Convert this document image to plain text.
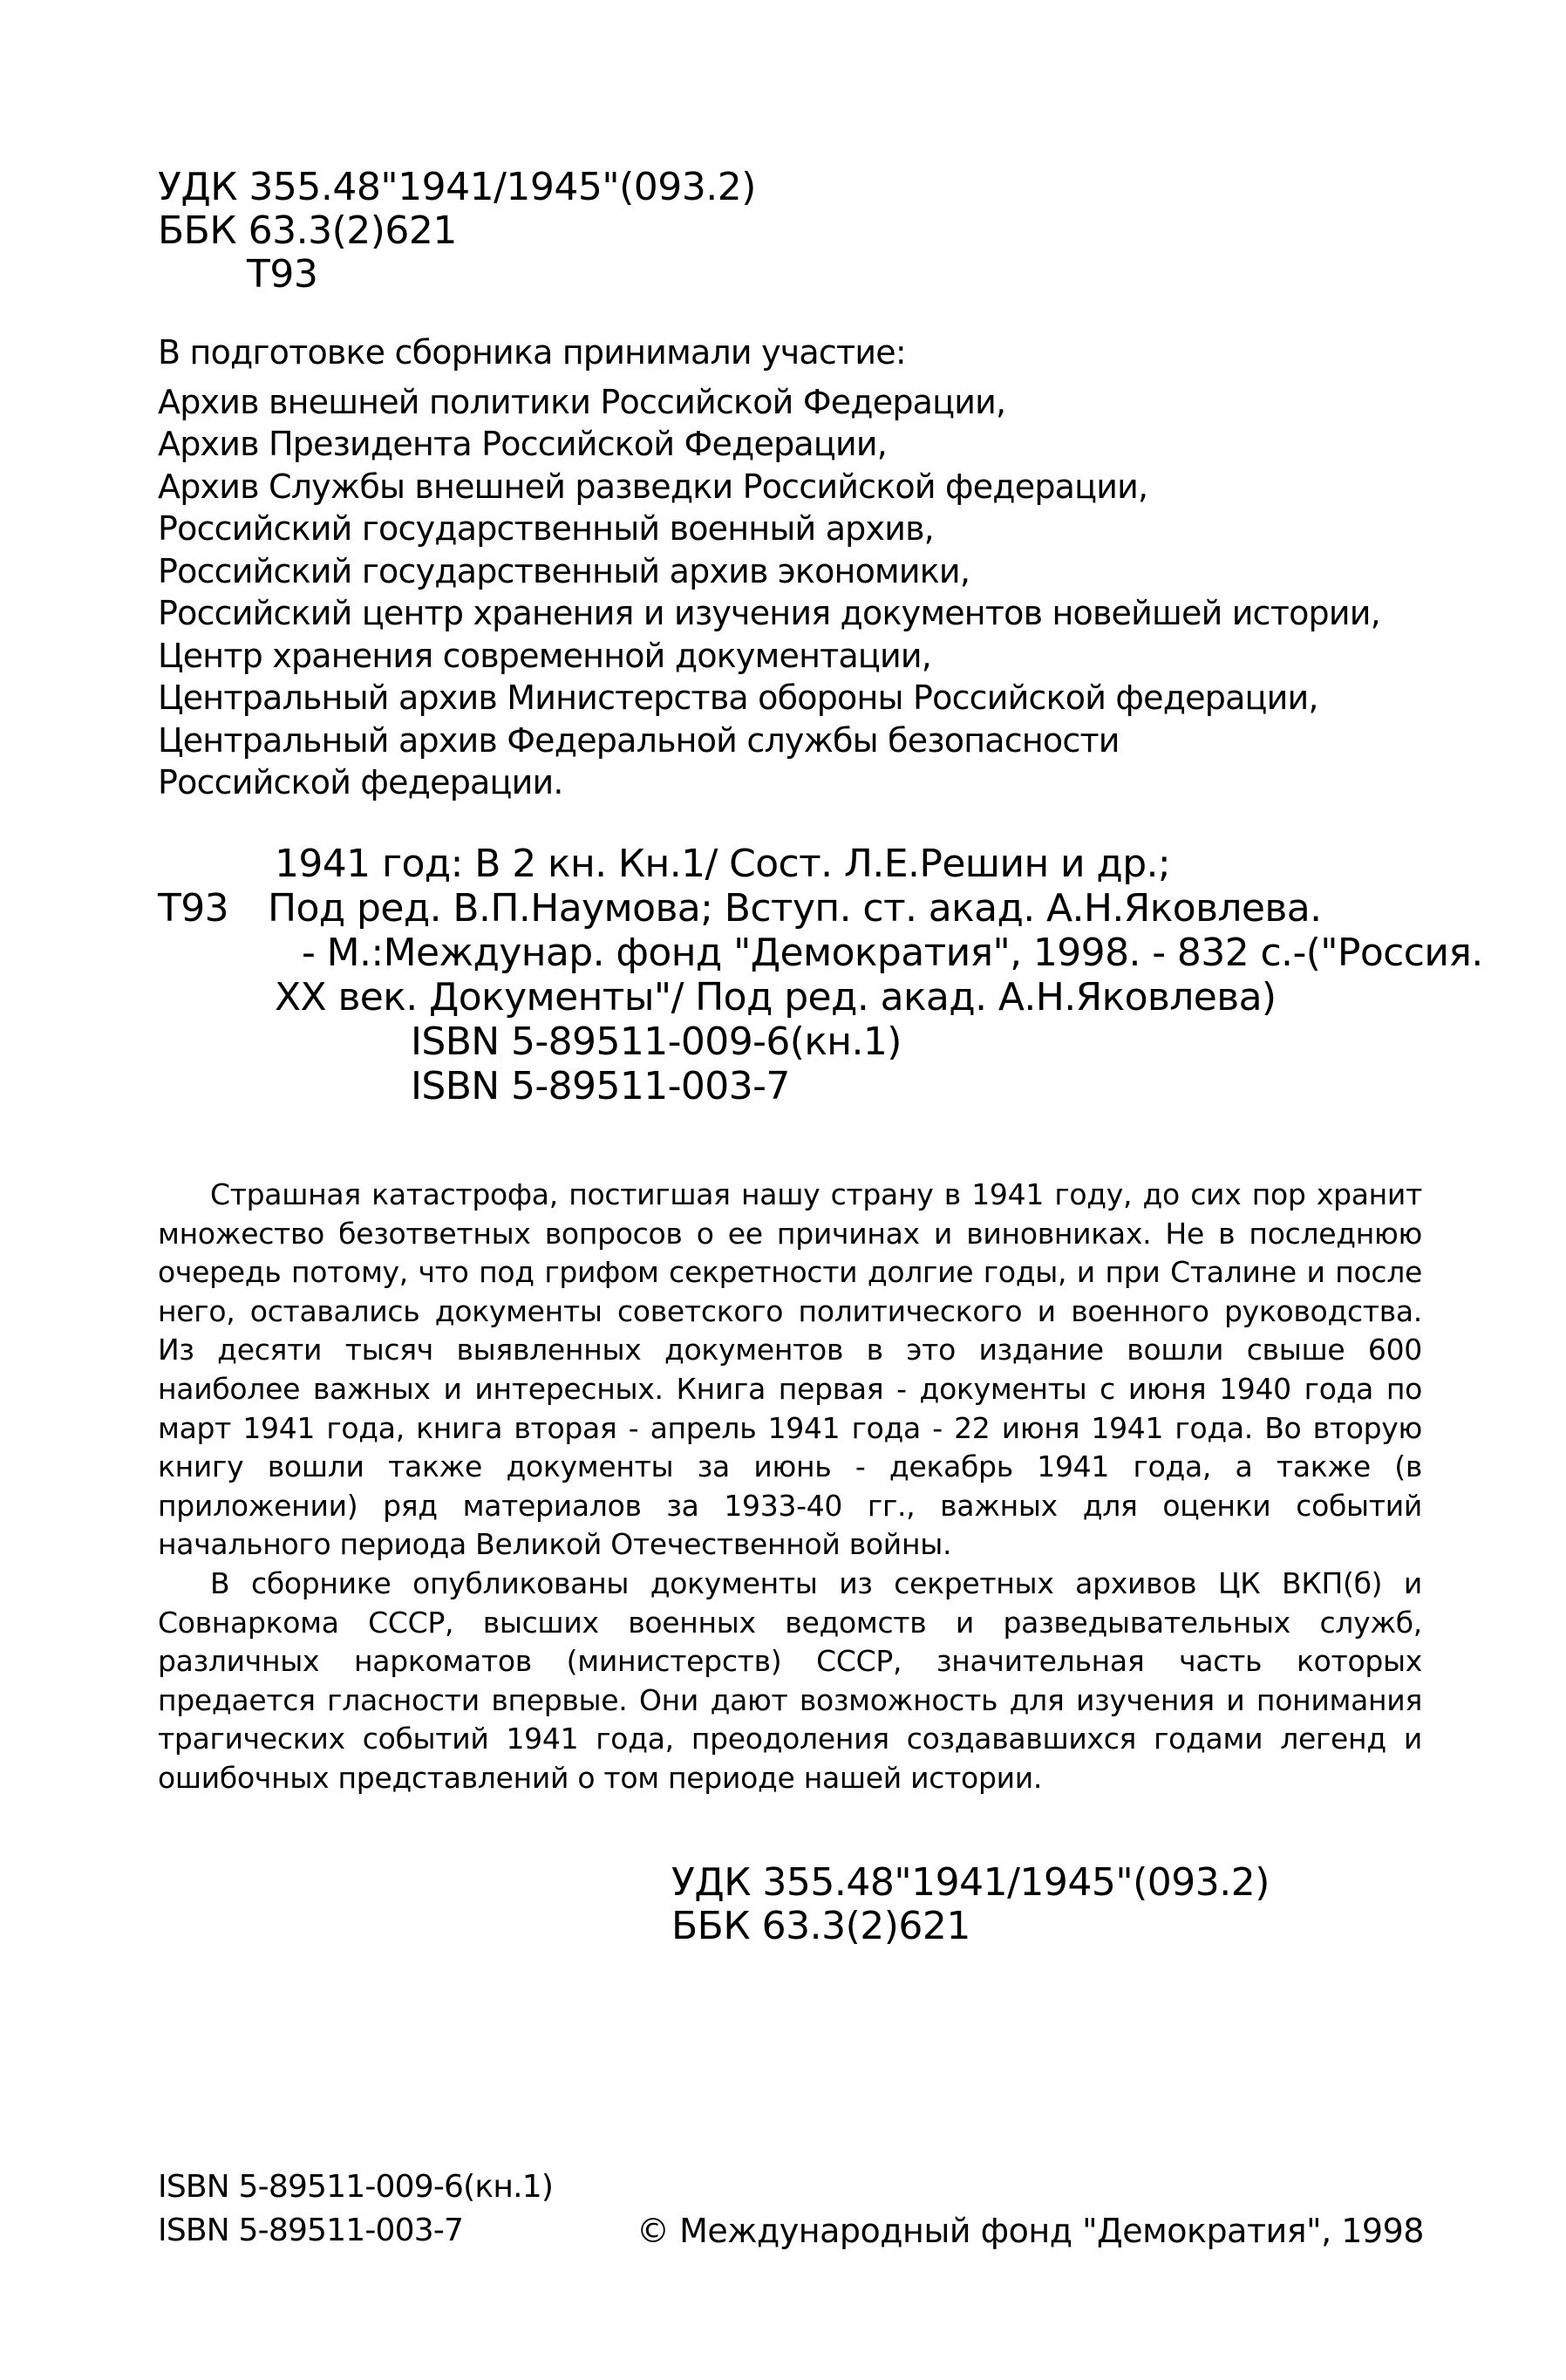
УДК 355.48"1941/1945"(093.2)
ББК 63.3(2)621
Т93
В подготовке сборника принимали участие:
Архив внешней политики Российской Федерации,
Архив Президента Российской Федерации,
Архив Службы внешней разведки Российской федерации,
Российский государственный военный архив,
Российский государственный архив экономики,
Российский центр хранения и изучения документов новейшей истории,
Центр хранения современной документации,
Центральный архив Министерства обороны Российской федерации,
Центральный архив Федеральной службы безопасности
Российской федерации.
1941 год: В 2 кн. Кн.1/ Сост. Л.Е.Решин и др.;
Т93	Под ред. В.П.Наумова; Вступ. ст. акад. А.Н.Яковлева.
- М.:Междунар. фонд "Демократия", 1998. - 832 с.-("Россия.
XX век. Документы"/ Под ред. акад. А.Н.Яковлева)
ISBN 5-89511-009-6(кн.1)
ISBN 5-89511-003-7

Страшная катастрофа, постигшая нашу страну в 1941 году, до сих пор хранит множество безответных вопросов о ее причинах и виновниках. Не в последнюю очередь потому, что под грифом секретности долгие годы, и при Сталине и после него, оставались документы советского политического и военного руководства. Из десяти тысяч выявленных документов в это издание вошли свыше 600 наиболее важных и интересных. Книга первая - документы с июня 1940 года по март 1941 года, книга вторая - апрель 1941 года - 22 июня 1941 года. Во вторую книгу вошли также документы за июнь - декабрь 1941 года, а также (в приложении) ряд материалов за 1933-40 гг., важных для оценки событий начального периода Великой Отечественной войны.

В сборнике опубликованы документы из секретных архивов ЦК ВКП(б) и Совнаркома СССР, высших военных ведомств и разведывательных служб, различных наркоматов (министерств) СССР, значительная часть которых предается гласности впервые. Они дают возможность для изучения и понимания трагических событий 1941 года, преодоления создававшихся годами легенд и ошибочных представлений о том периоде нашей истории.

УДК 355.48"1941/1945"(093.2)
ББК 63.3(2)621
ISBN 5-89511-009-6(кн.1)
ISBN 5-89511-003-7	© Международный фонд "Демократия", 1998
